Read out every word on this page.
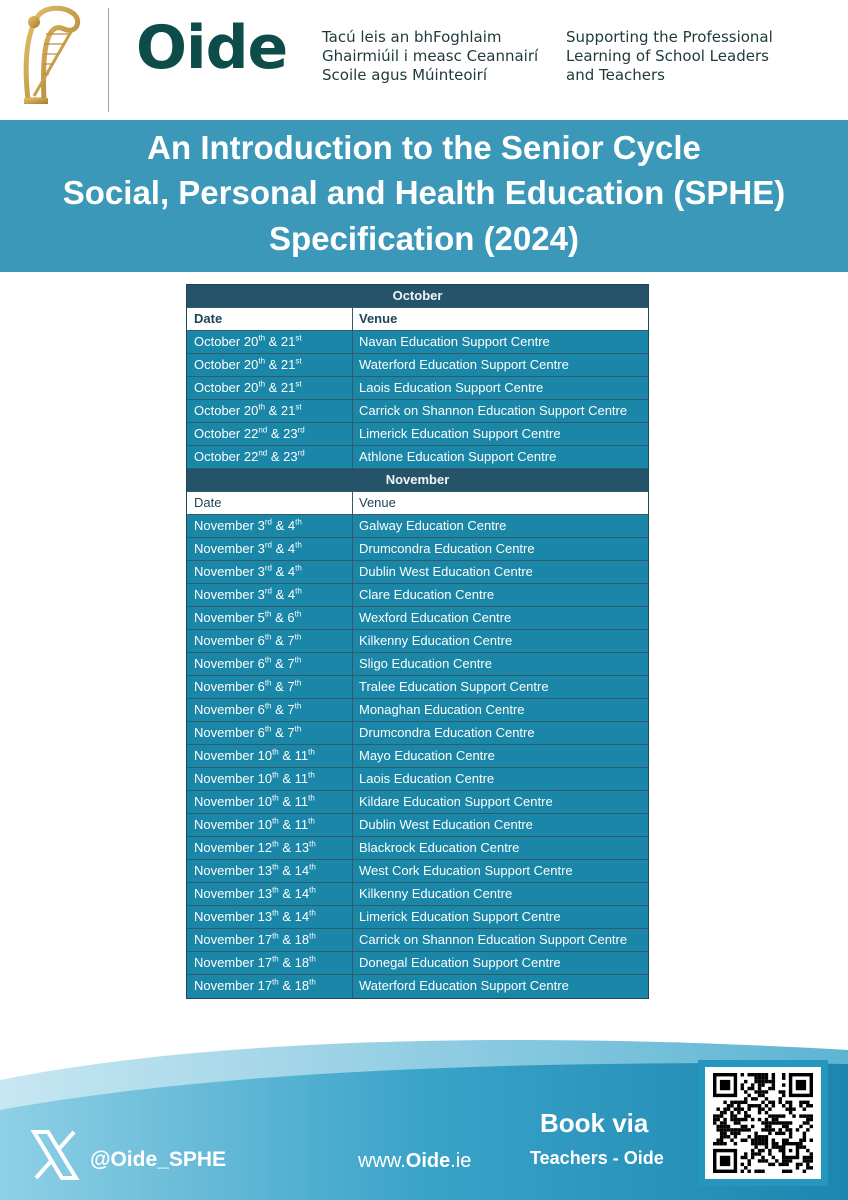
Oide Tacú leis an bhFoghlaim
Ghairmiúil i measc Ceannairí
Scoile agus Múinteoirí
Supporting the Professional
Learning of School Leaders
and Teachers
An Introduction to the Senior Cycle
Social, Personal and Health Education (SPHE)
Specification (2024)
October
Date	Venue
October 20th & 21st	Navan Education Support Centre
October 20th & 21st	Waterford Education Support Centre
October 20th & 21st	Laois Education Support Centre
October 20th & 21st	Carrick on Shannon Education Support Centre
October 22nd & 23rd	Limerick Education Support Centre
October 22nd & 23rd	Athlone Education Support Centre
November
Date	Venue
November 3rd & 4th	Galway Education Centre
November 3rd & 4th	Drumcondra Education Centre
November 3rd & 4th	Dublin West Education Centre
November 3rd & 4th	Clare Education Centre
November 5th & 6th	Wexford Education Centre
November 6th & 7th	Kilkenny Education Centre
November 6th & 7th	Sligo Education Centre
November 6th & 7th	Tralee Education Support Centre
November 6th & 7th	Monaghan Education Centre
November 6th & 7th	Drumcondra Education Centre
November 10th & 11th	Mayo Education Centre
November 10th & 11th	Laois Education Centre
November 10th & 11th	Kildare Education Support Centre
November 10th & 11th	Dublin West Education Centre
November 12th & 13th	Blackrock Education Centre
November 13th & 14th	West Cork Education Support Centre
November 13th & 14th	Kilkenny Education Centre
November 13th & 14th	Limerick Education Support Centre
November 17th & 18th	Carrick on Shannon Education Support Centre
November 17th & 18th	Donegal Education Support Centre
November 17th & 18th	Waterford Education Support Centre
@Oide_SPHE	www.Oide.ie
Book via
Teachers - Oide
